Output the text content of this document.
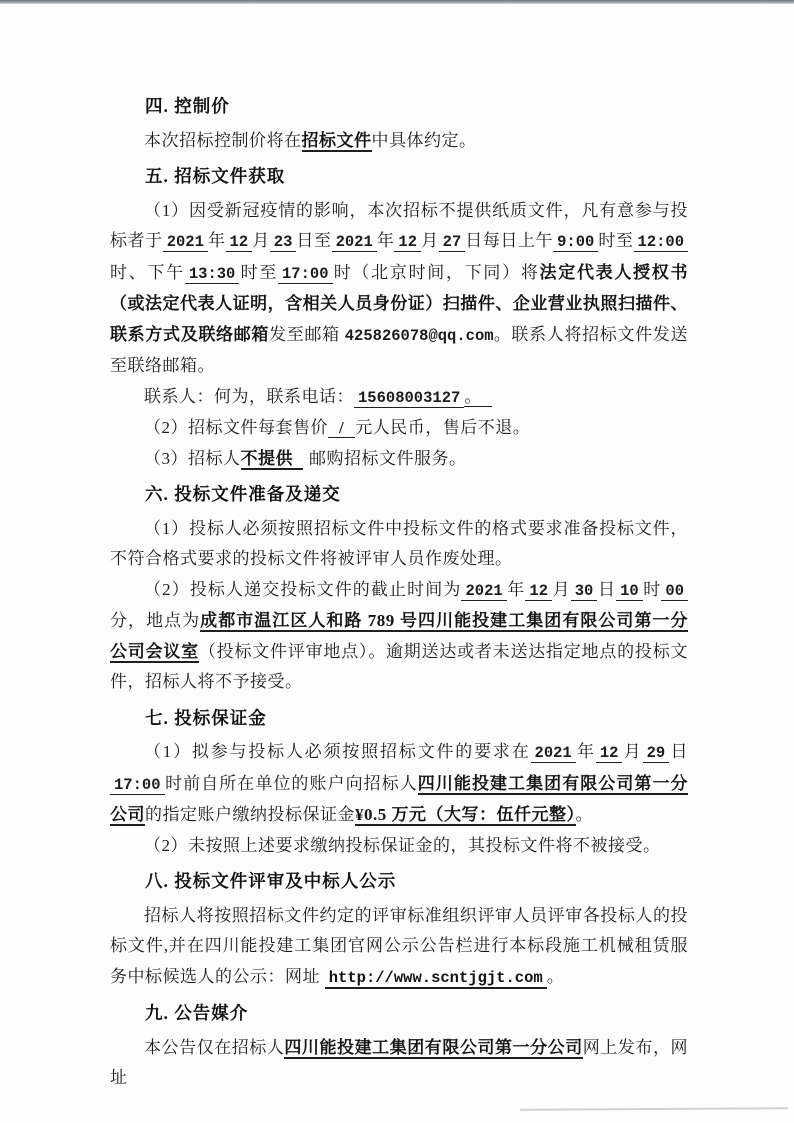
四. 控制价

本次招标控制价将在招标文件中具体约定。

五. 招标文件获取

（1）因受新冠疫情的影响，本次招标不提供纸质文件，凡有意参与投标者于 2021 年 12 月 23 日至 2021 年 12 月 27 日每日上午 9:00 时至 12:00时、下午 13:30 时至 17:00 时（北京时间，下同）将法定代表人授权书（或法定代表人证明，含相关人员身份证）扫描件、企业营业执照扫描件、联系方式及联络邮箱发至邮箱 425826078@qq.com。联系人将招标文件发送至联络邮箱。

联系人：何为，联系电话： 15608003127 。

（2）招标文件每套售价 / 元人民币，售后不退。

（3）招标人不提供 邮购招标文件服务。

六. 投标文件准备及递交

（1）投标人必须按照招标文件中投标文件的格式要求准备投标文件，不符合格式要求的投标文件将被评审人员作废处理。

（2）投标人递交投标文件的截止时间为 2021 年 12 月 30 日 10 时 00分，地点为成都市温江区人和路 789 号四川能投建工集团有限公司第一分公司会议室（投标文件评审地点）。逾期送达或者未送达指定地点的投标文件，招标人将不予接受。

七. 投标保证金

（1）拟参与投标人必须按照招标文件的要求在 2021 年 12 月 29 日17:00 时前自所在单位的账户向招标人四川能投建工集团有限公司第一分公司的指定账户缴纳投标保证金¥0.5 万元（大写：伍仟元整）。

（2）未按照上述要求缴纳投标保证金的，其投标文件将不被接受。

八. 投标文件评审及中标人公示

招标人将按照招标文件约定的评审标准组织评审人员评审各投标人的投标文件,并在四川能投建工集团官网公示公告栏进行本标段施工机械租赁服务中标候选人的公示：网址 http://www.scntjgjt.com 。

九. 公告媒介

本公告仅在招标人四川能投建工集团有限公司第一分公司网上发布，网址
